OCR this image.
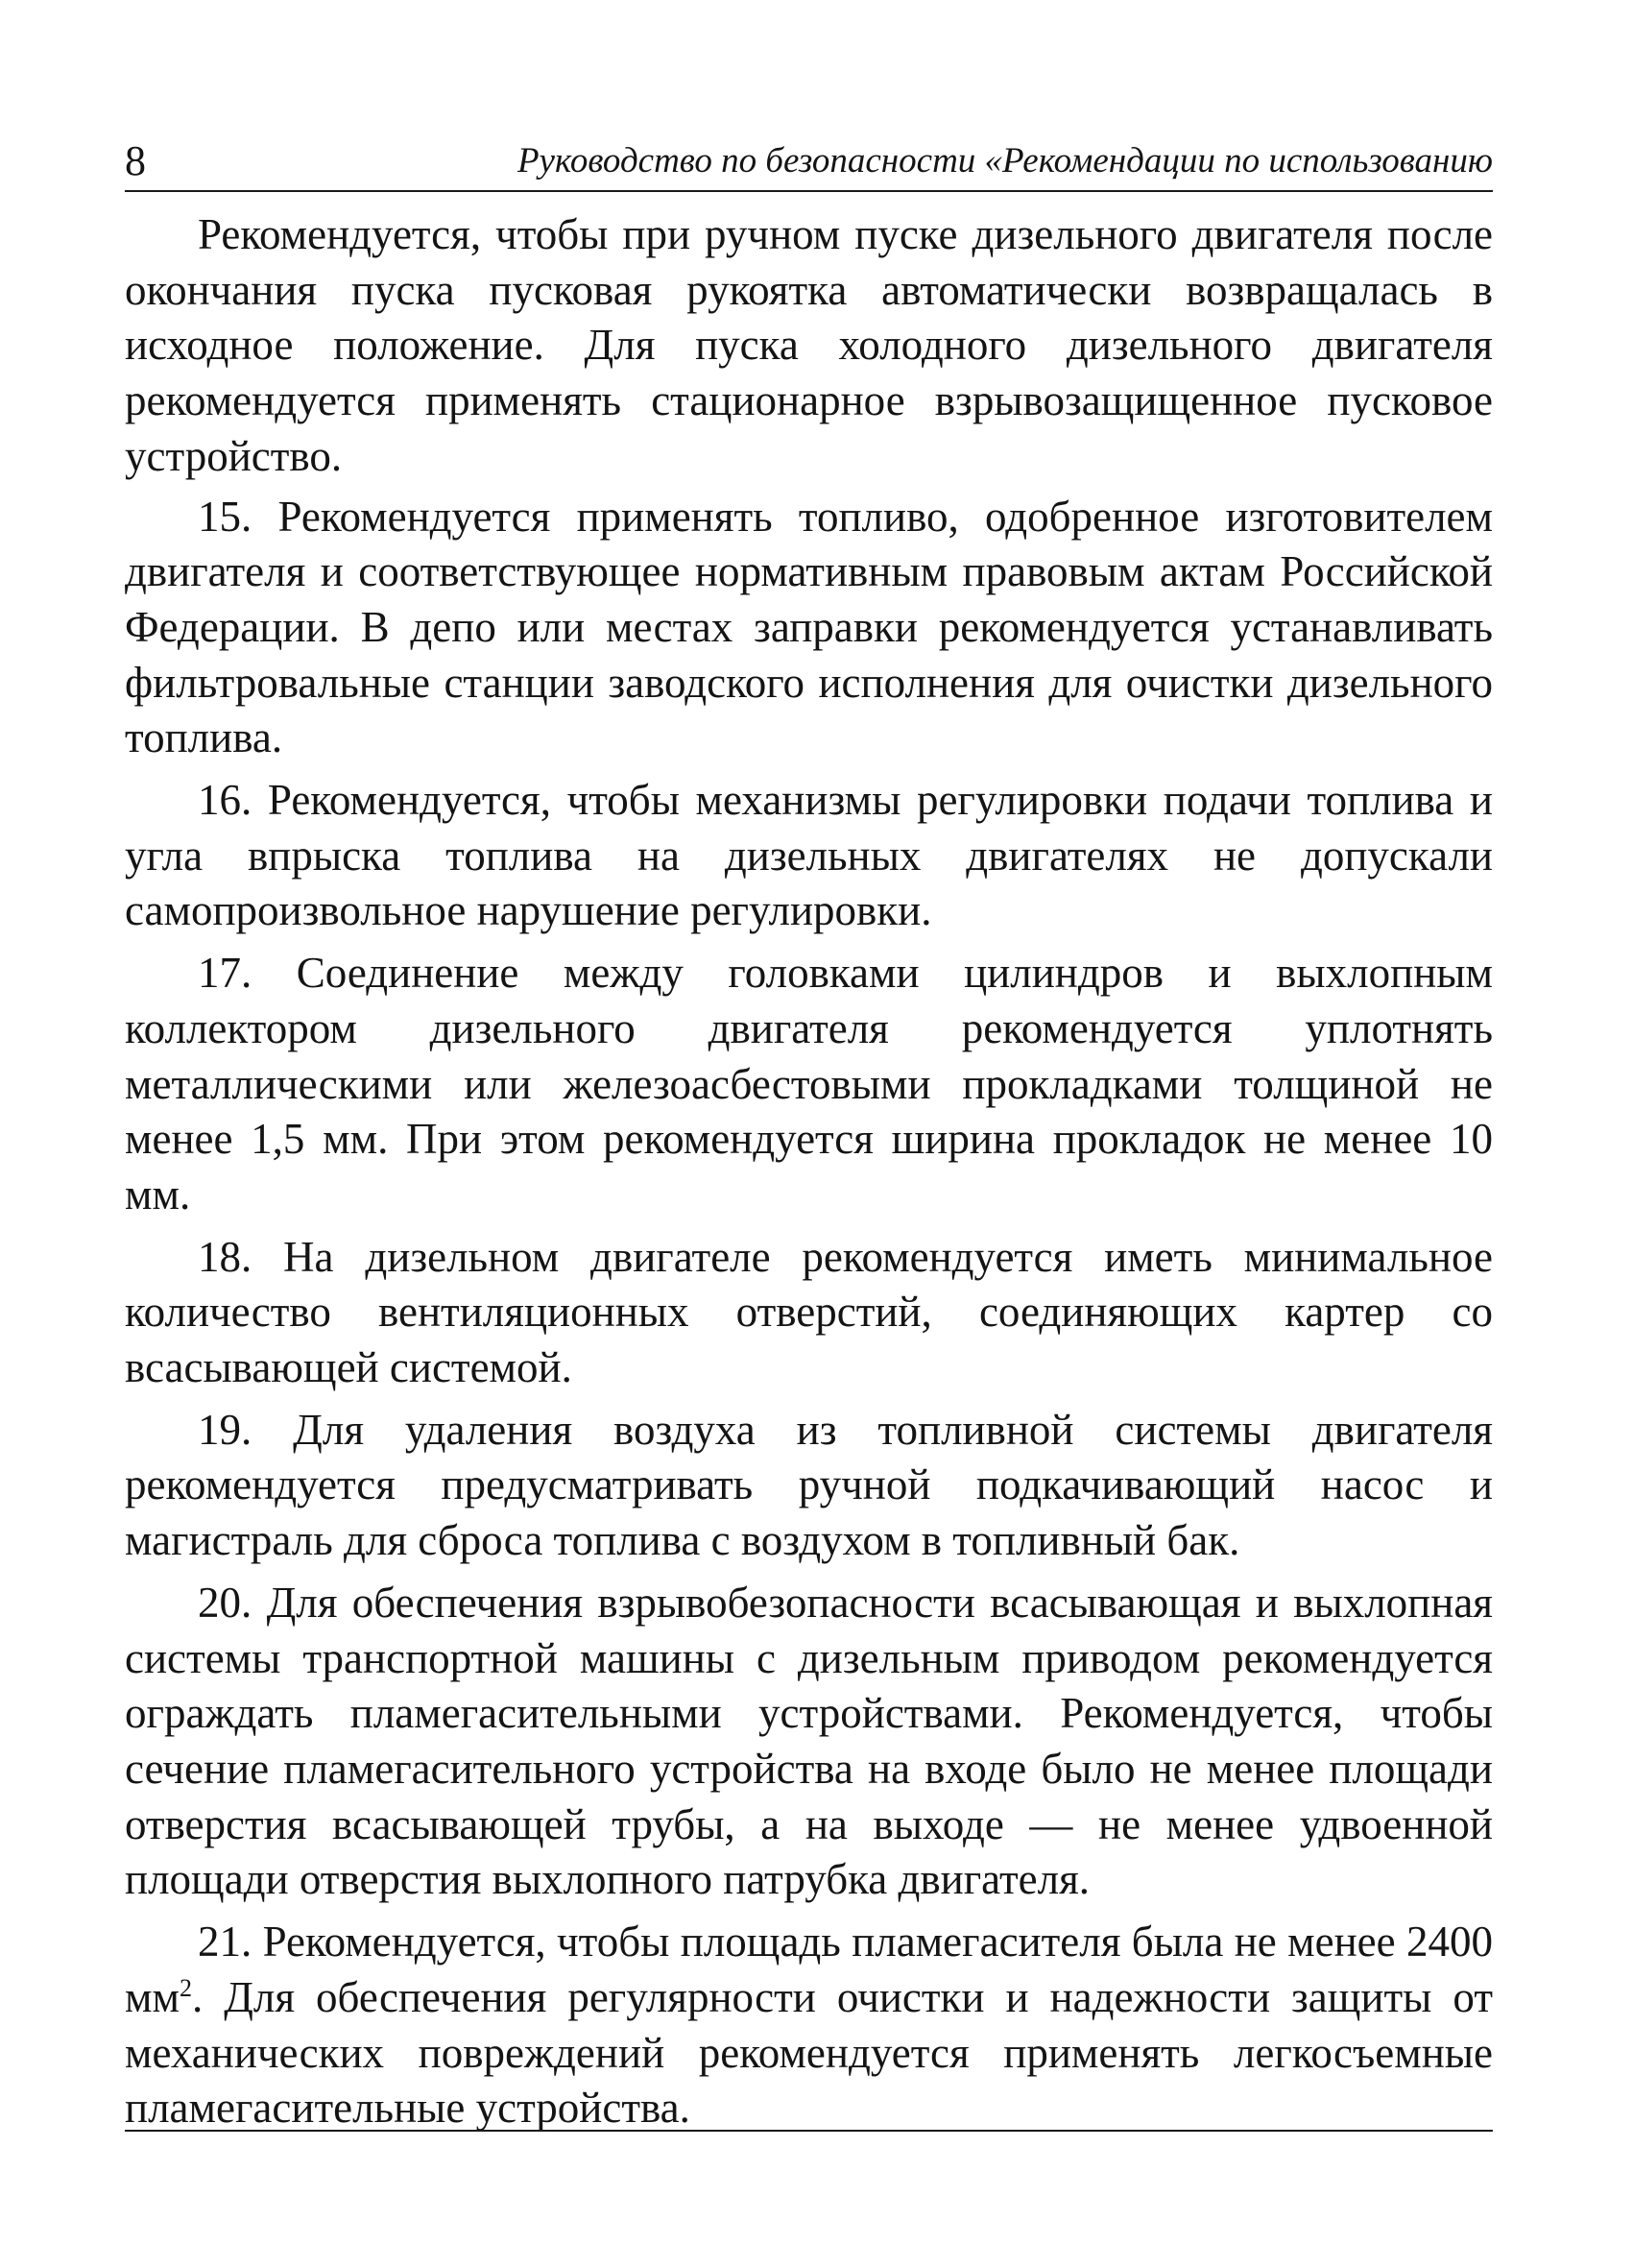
8	Руководство по безопасности «Рекомендации по использованию

Рекомендуется, чтобы при ручном пуске дизельного двигателя после окончания пуска пусковая рукоятка автоматически возвращалась в исходное положение. Для пуска холодного дизельного двигателя рекомендуется применять стационарное взрывозащищенное пусковое устройство.

15. Рекомендуется применять топливо, одобренное изготовителем двигателя и соответствующее нормативным правовым актам Российской Федерации. В депо или местах заправки рекомендуется устанавливать фильтровальные станции заводского исполнения для очистки дизельного топлива.

16. Рекомендуется, чтобы механизмы регулировки подачи топлива и угла впрыска топлива на дизельных двигателях не допускали самопроизвольное нарушение регулировки.

17. Соединение между головками цилиндров и выхлопным коллектором дизельного двигателя рекомендуется уплотнять металлическими или железоасбестовыми прокладками толщиной не менее 1,5 мм. При этом рекомендуется ширина прокладок не менее 10 мм.

18. На дизельном двигателе рекомендуется иметь минимальное количество вентиляционных отверстий, соединяющих картер со всасывающей системой.

19. Для удаления воздуха из топливной системы двигателя рекомендуется предусматривать ручной подкачивающий насос и магистраль для сброса топлива с воздухом в топливный бак.

20. Для обеспечения взрывобезопасности всасывающая и выхлопная системы транспортной машины с дизельным приводом рекомендуется ограждать пламегасительными устройствами. Рекомендуется, чтобы сечение пламегасительного устройства на входе было не менее площади отверстия всасывающей трубы, а на выходе — не менее удвоенной площади отверстия выхлопного патрубка двигателя.

21. Рекомендуется, чтобы площадь пламегасителя была не менее 2400 $мм^2$. Для обеспечения регулярности очистки и надежности защиты от механических повреждений рекомендуется применять легкосъемные пламегасительные устройства.
